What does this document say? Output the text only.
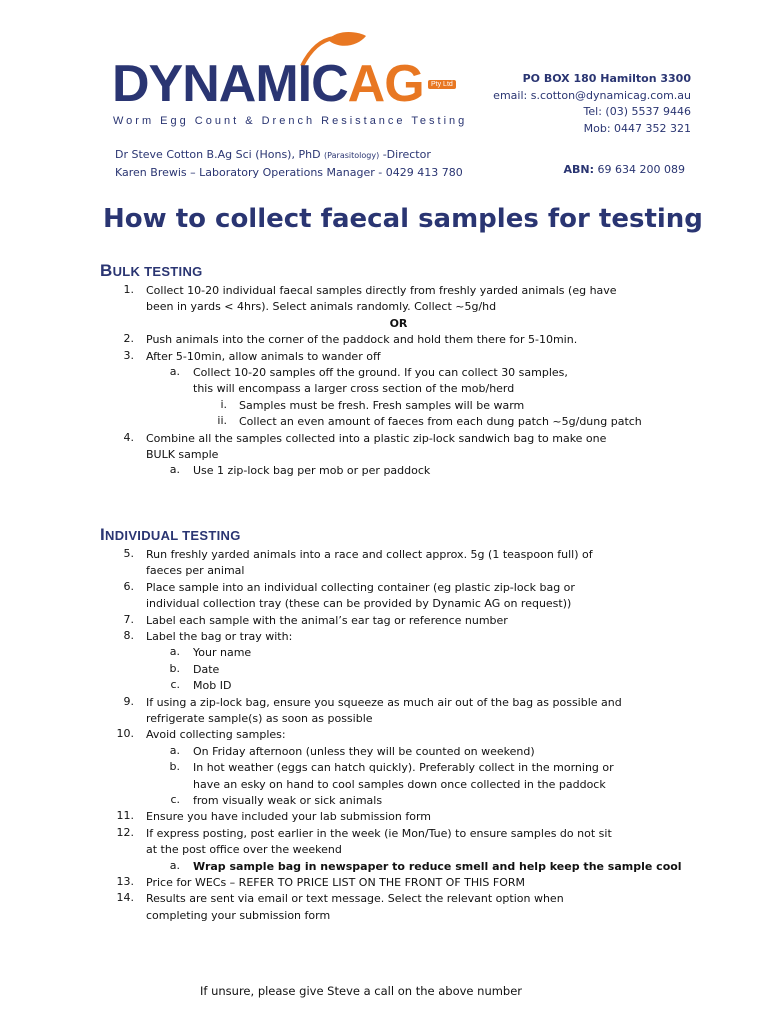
DYNAMICAG	Pty Ltd
Worm Egg Count & Drench Resistance Testing
PO BOX 180 Hamilton 3300
email: s.cotton@dynamicag.com.au
Tel: (03) 5537 9446
Mob: 0447 352 321
Dr Steve Cotton B.Ag Sci (Hons), PhD (Parasitology) -Director
Karen Brewis – Laboratory Operations Manager - 0429 413 780	ABN: 69 634 200 089
How to collect faecal samples for testing
BULK TESTING
1. Collect 10-20 individual faecal samples directly from freshly yarded animals (eg have
been in yards < 4hrs). Select animals randomly. Collect ~5g/hd
OR
2. Push animals into the corner of the paddock and hold them there for 5-10min.
3. After 5-10min, allow animals to wander off
a. Collect 10-20 samples off the ground. If you can collect 30 samples,
this will encompass a larger cross section of the mob/herd
i. Samples must be fresh. Fresh samples will be warm
ii. Collect an even amount of faeces from each dung patch ~5g/dung patch
4. Combine all the samples collected into a plastic zip-lock sandwich bag to make one
BULK sample
a. Use 1 zip-lock bag per mob or per paddock
INDIVIDUAL TESTING
5. Run freshly yarded animals into a race and collect approx. 5g (1 teaspoon full) of
faeces per animal
6. Place sample into an individual collecting container (eg plastic zip-lock bag or
individual collection tray (these can be provided by Dynamic AG on request))
7. Label each sample with the animal’s ear tag or reference number
8. Label the bag or tray with:
a. Your name
b. Date
c. Mob ID
9. If using a zip-lock bag, ensure you squeeze as much air out of the bag as possible and
refrigerate sample(s) as soon as possible
10. Avoid collecting samples:
a. On Friday afternoon (unless they will be counted on weekend)
b. In hot weather (eggs can hatch quickly). Preferably collect in the morning or
have an esky on hand to cool samples down once collected in the paddock
c. from visually weak or sick animals
11. Ensure you have included your lab submission form
12. If express posting, post earlier in the week (ie Mon/Tue) to ensure samples do not sit
at the post office over the weekend
a. Wrap sample bag in newspaper to reduce smell and help keep the sample cool
13. Price for WECs – REFER TO PRICE LIST ON THE FRONT OF THIS FORM
14. Results are sent via email or text message. Select the relevant option when
completing your submission form
If unsure, please give Steve a call on the above number
